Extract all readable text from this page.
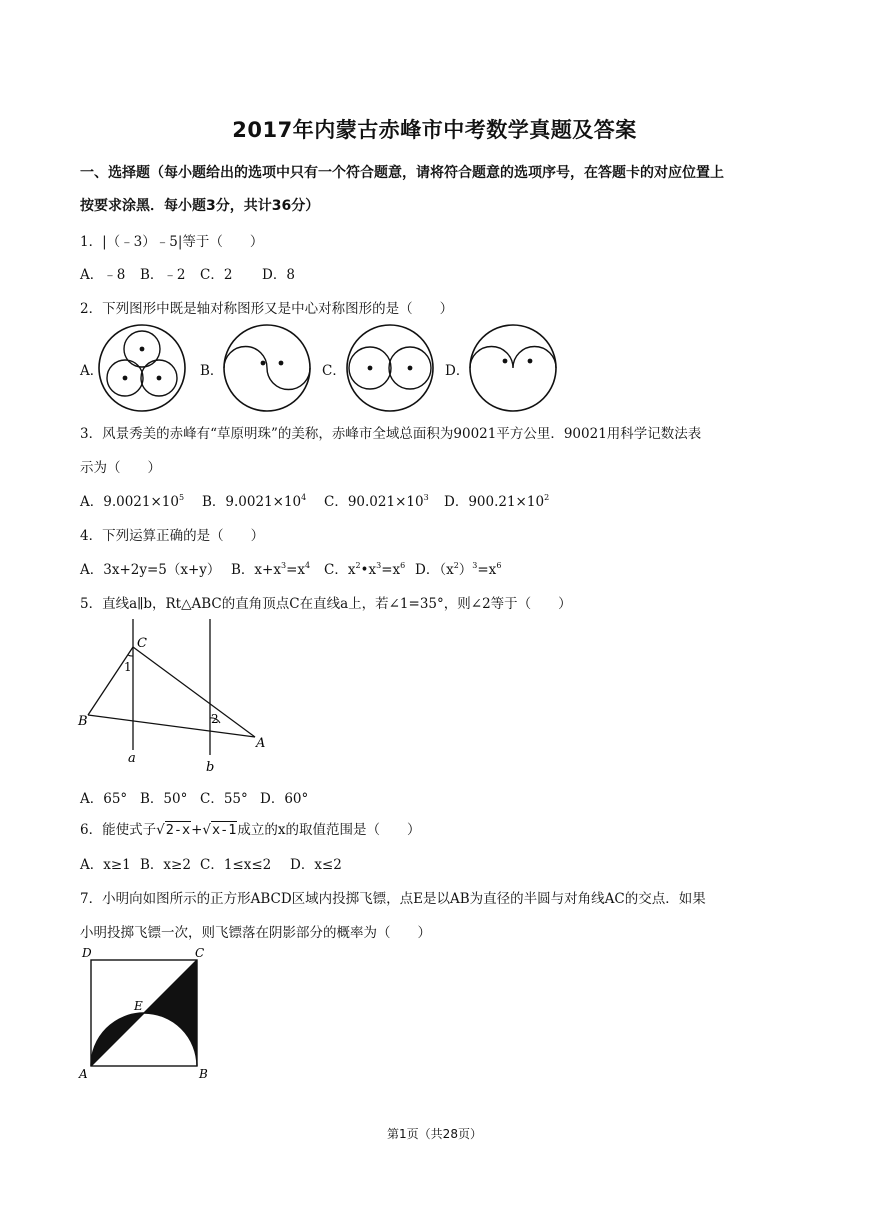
2017年内蒙古赤峰市中考数学真题及答案
一、选择题（每小题给出的选项中只有一个符合题意，请将符合题意的选项序号，在答题卡的对应位置上
按要求涂黑．每小题3分，共计36分）
1．|（﹣3）﹣5|等于（　　）
A．﹣8 B．﹣2 C．2 D．8
2．下列图形中既是轴对称图形又是中心对称图形的是（　　）
A．	B．	C．	D．
3．风景秀美的赤峰有“草原明珠”的美称，赤峰市全域总面积为90021平方公里．90021用科学记数法表
示为（　　）
A．$9.0021\times 10^5$ B．$9.0021\times 10^4$ C．$90.021\times 10^3$ D．$900.21\times 10^2$
4．下列运算正确的是（　　）
A．3x+2y=5（x+y） B．$x+x^3=x^4$ C．$x^2•x^3=x^6$ D．$(x^2)^3=x^6$
5．直线a∥b，Rt△ABC的直角顶点C在直线a上，若∠1=35°，则∠2等于（　　）
C
B
A
a
b
1
2
A．65° B．50° C．55° D．60°
6．能使式子√2-x+√x-1成立的x的取值范围是（　　）
A．x≥1 B．x≥2 C．1≤x≤2 D．x≤2
7．小明向如图所示的正方形ABCD区域内投掷飞镖，点E是以AB为直径的半圆与对角线AC的交点．如果
小明投掷飞镖一次，则飞镖落在阴影部分的概率为（　　）
D	C
E
A	B
第1页（共28页）
